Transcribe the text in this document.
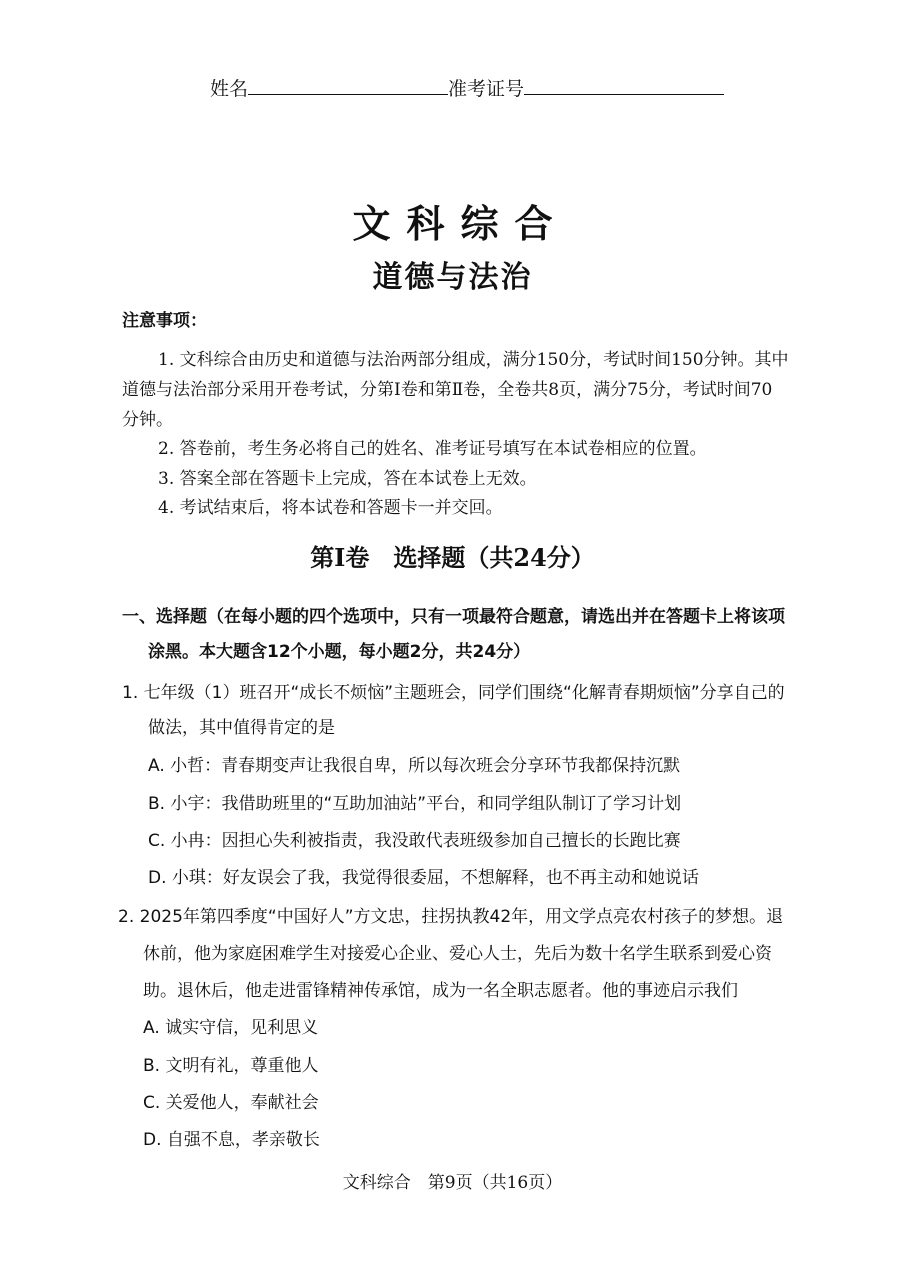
姓名	准考证号
文科综合
道德与法治
注意事项：
1. 文科综合由历史和道德与法治两部分组成，满分150分，考试时间150分钟。其中
道德与法治部分采用开卷考试，分第Ⅰ卷和第Ⅱ卷，全卷共8页，满分75分，考试时间70
分钟。
2. 答卷前，考生务必将自己的姓名、准考证号填写在本试卷相应的位置。
3. 答案全部在答题卡上完成，答在本试卷上无效。
4. 考试结束后，将本试卷和答题卡一并交回。
第Ⅰ卷　选择题（共24分）
一、选择题（在每小题的四个选项中，只有一项最符合题意，请选出并在答题卡上将该项
涂黑。本大题含12个小题，每小题2分，共24分）
1. 七年级（1）班召开“成长不烦恼”主题班会，同学们围绕“化解青春期烦恼”分享自己的
做法，其中值得肯定的是
A. 小哲：青春期变声让我很自卑，所以每次班会分享环节我都保持沉默
B. 小宇：我借助班里的“互助加油站”平台，和同学组队制订了学习计划
C. 小冉：因担心失利被指责，我没敢代表班级参加自己擅长的长跑比赛
D. 小琪：好友误会了我，我觉得很委屈，不想解释，也不再主动和她说话
2. 2025年第四季度“中国好人”方文忠，拄拐执教42年，用文学点亮农村孩子的梦想。退
休前，他为家庭困难学生对接爱心企业、爱心人士，先后为数十名学生联系到爱心资
助。退休后，他走进雷锋精神传承馆，成为一名全职志愿者。他的事迹启示我们
A. 诚实守信，见利思义
B. 文明有礼，尊重他人
C. 关爱他人，奉献社会
D. 自强不息，孝亲敬长
文科综合　第9页（共16页）
